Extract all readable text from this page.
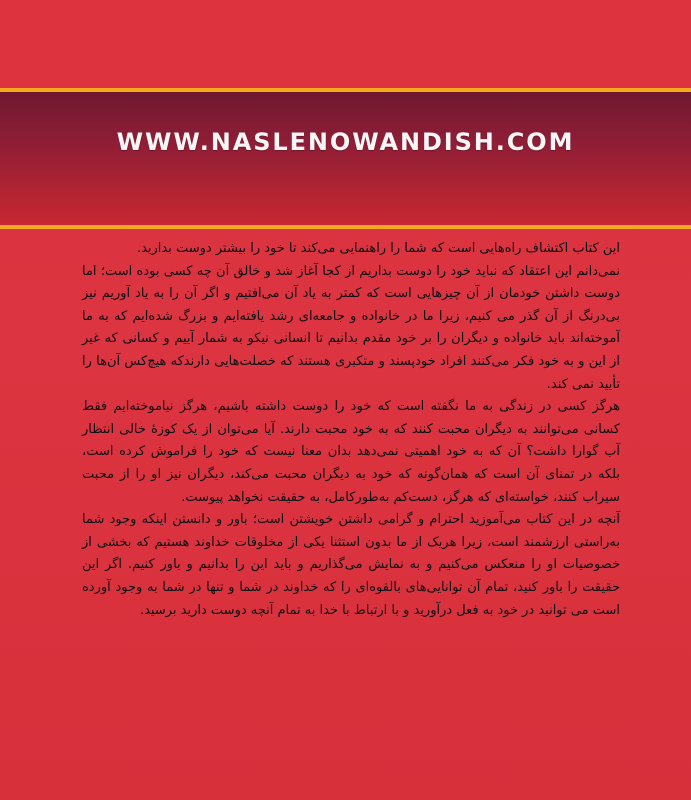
WWW.NASLENOWANDISH.COM

این کتاب اکتشاف راه‌هایی است که شما را راهنمایی می‌کند تا خود را بیشتر دوست بدارید.

نمی‌دانم این اعتقاد که نباید خود را دوست بداریم از کجا آغاز شد و خالق آن چه کسی بوده است؛ اما دوست داشتن خودمان از آن چیزهایی است که کمتر به یاد آن می‌افتیم و اگر آن را به یاد آوریم نیز بی‌درنگ از آن گذر می کنیم، زیرا ما در خانواده و جامعه‌ای رشد یافته‌ایم و بزرگ شده‌ایم که به ما آموخته‌اند باید خانواده و دیگران را بر خود مقدم بدانیم تا انسانی نیکو به شمار آییم و کسانی که غیر از این و به خود فکر می‌کنند افراد خودپسند و متکبری هستند که خصلت‌هایی دارندکه هیچ‌کس آن‌ها را تأیید نمی کند.

هرگز کسی در زندگی به ما نگفته است که خود را دوست داشته باشیم، هرگز نیاموخته‌ایم فقط کسانی می‌توانند به دیگران محبت کنند که به خود محبت دارند. آیا می‌توان از یک کوزهٔ خالی انتظار آب گوارا داشت؟ آن که به خود اهمیتی نمی‌دهد بدان معنا نیست که خود را فراموش کرده است، بلکه در تمنای آن است که همان‌گونه که خود به دیگران محبت می‌کند، دیگران نیز او را از محبت سیراب کنند، خواسته‌ای که هرگز، دست‌کم به‌طور‌کامل، به حقیقت نخواهد پیوست.

آنچه در این کتاب می‌آموزید احترام و گرامی داشتن خویشتن است؛ باور و دانستن اینکه وجود شما به‌راستی ارزشمند است، زیرا هریک از ما بدون استثنا یکی از مخلوقات خداوند هستیم که بخشی از خصوصیات او را منعکس می‌کنیم و به نمایش می‌گذاریم و باید این را بدانیم و باور کنیم. اگر این حقیقت را باور کنید، تمام آن توانایی‌های بالقوه‌ای را که خداوند در شما و تنها در شما به وجود آورده است می توانید در خود به فعل درآورید و با ارتباط با خدا به تمام آنچه دوست دارید برسید.
